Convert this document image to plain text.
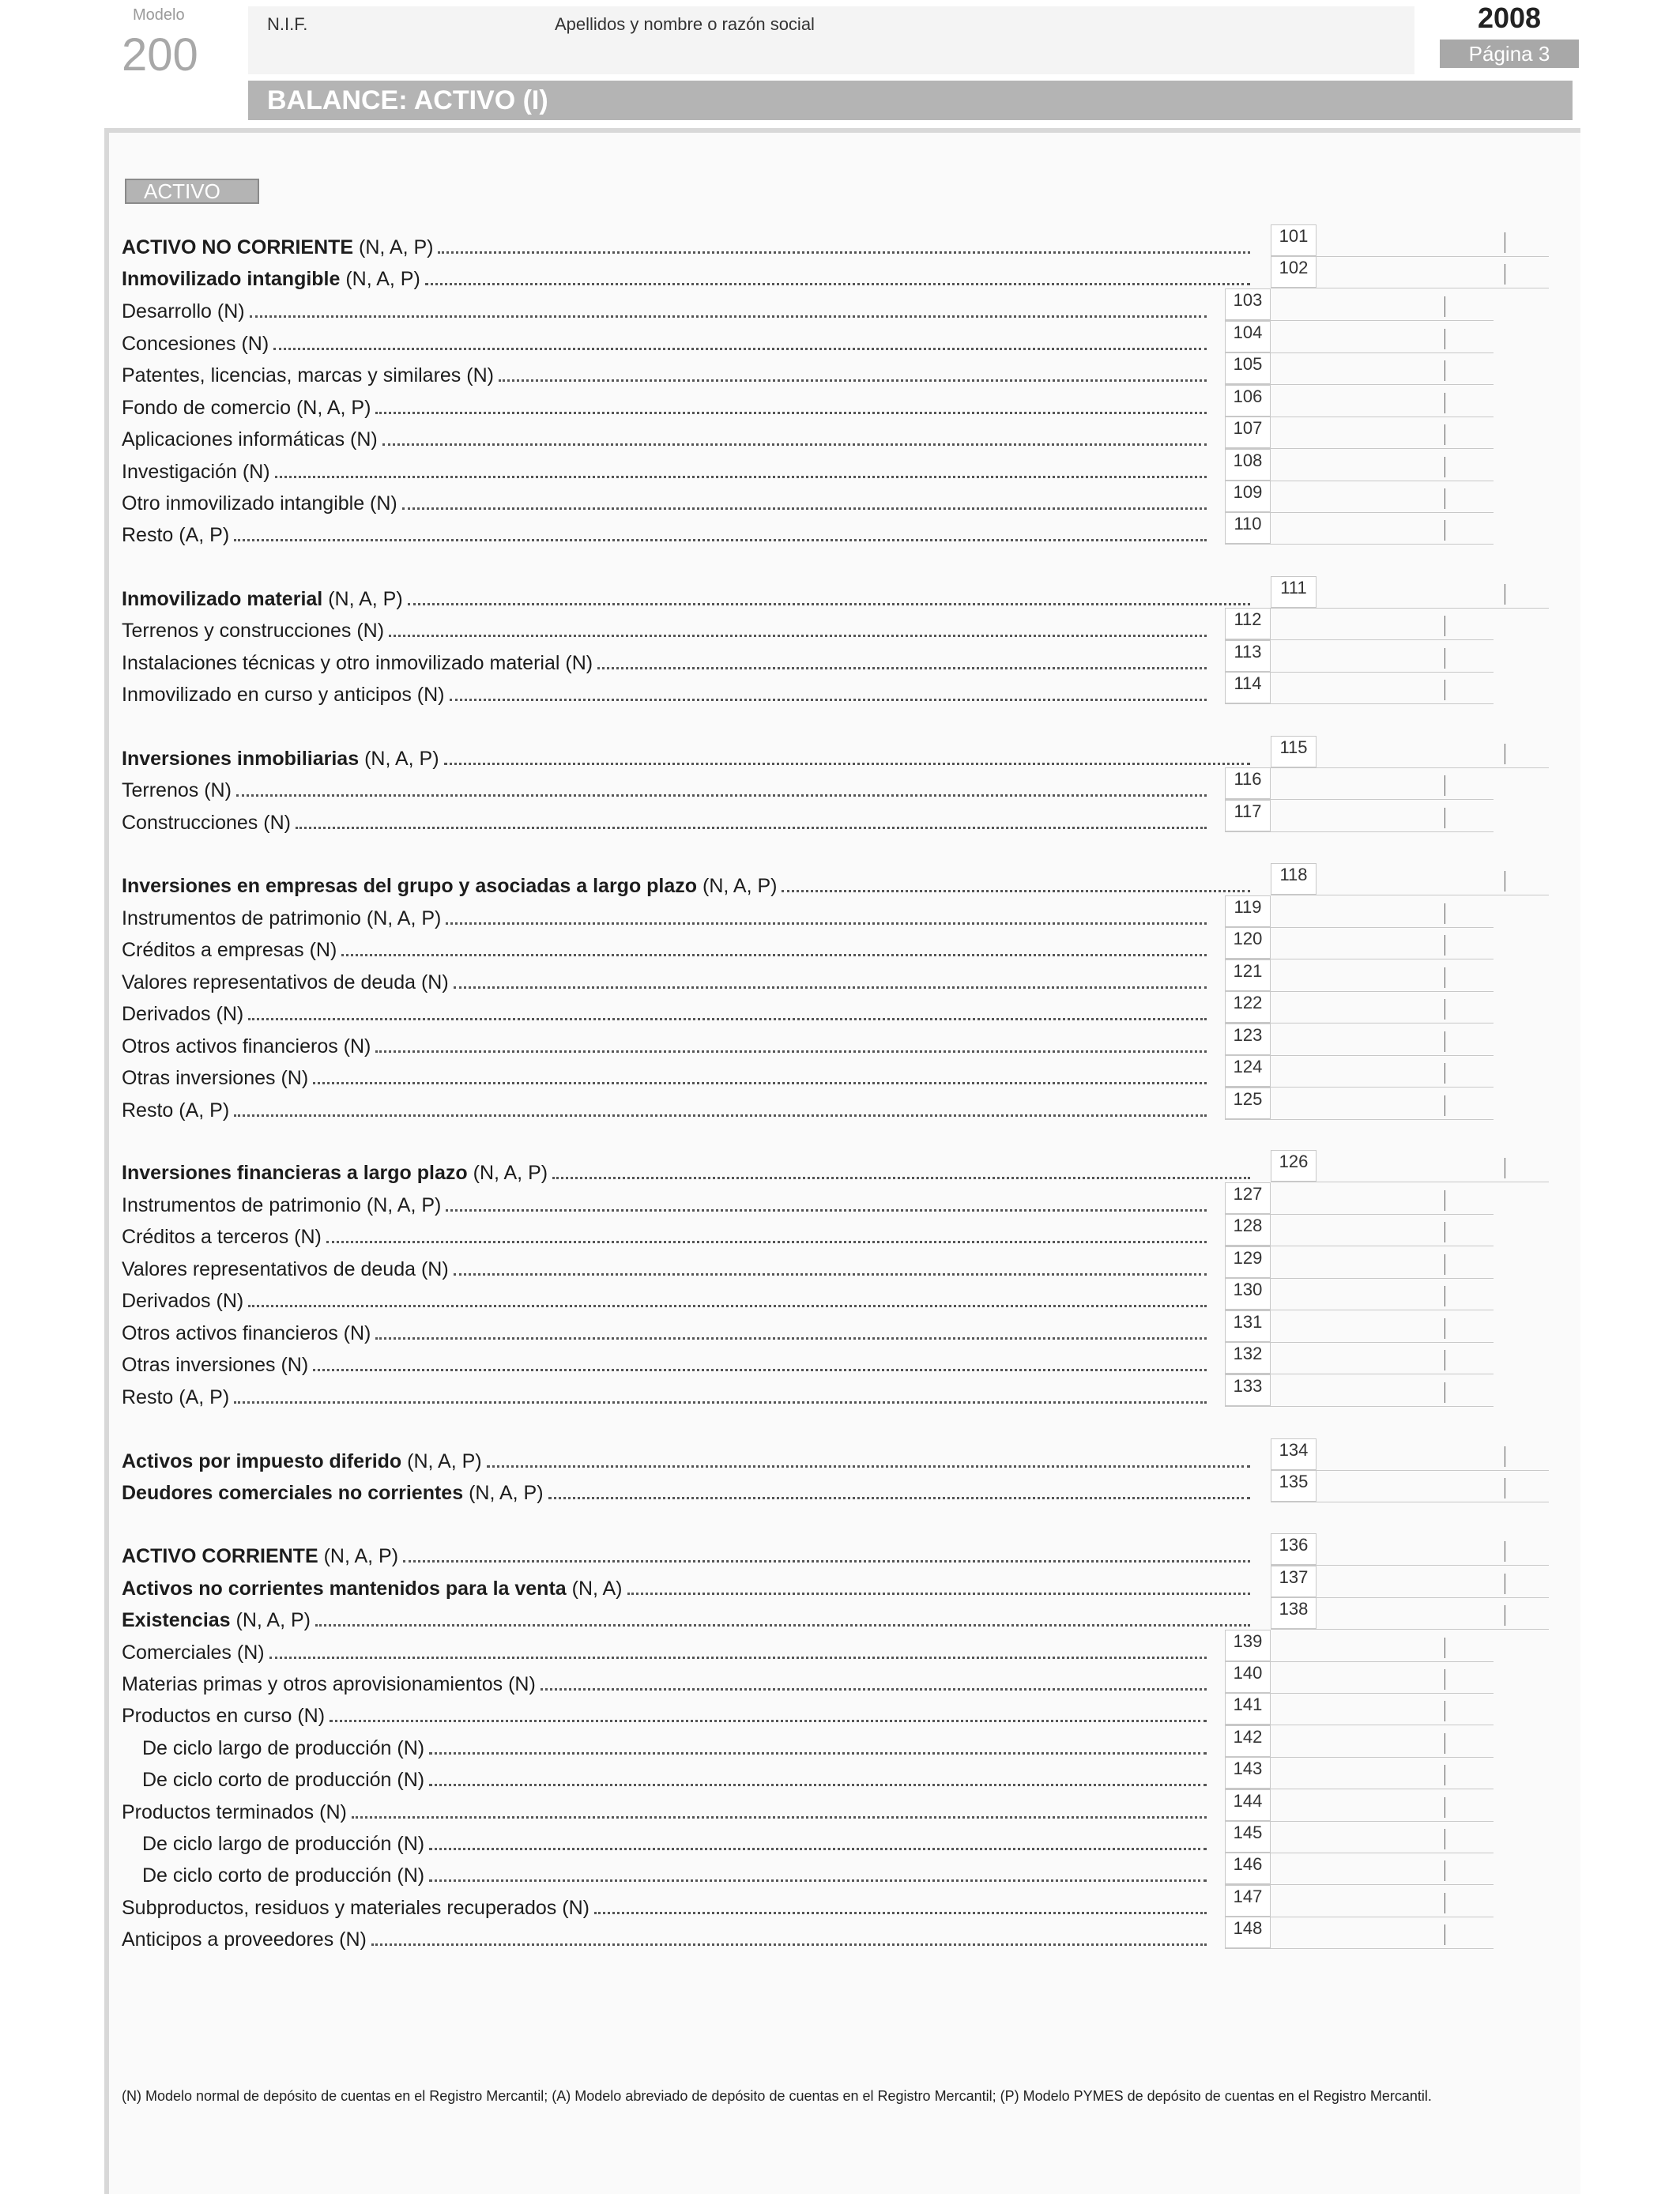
Modelo
200
N.I.F.	Apellidos y nombre o razón social	2008
Página 3
BALANCE: ACTIVO (I)
ACTIVO
ACTIVO NO CORRIENTE (N, A, P)
101
Inmovilizado intangible (N, A, P)
102
Desarrollo (N)
103
Concesiones (N)
104
Patentes, licencias, marcas y similares (N)
105
Fondo de comercio (N, A, P)
106
Aplicaciones informáticas (N)
107
Investigación (N)
108
Otro inmovilizado intangible (N)
109
Resto (A, P)
110
Inmovilizado material (N, A, P)
111
Terrenos y construcciones (N)
112
Instalaciones técnicas y otro inmovilizado material (N)
113
Inmovilizado en curso y anticipos (N)
114
Inversiones inmobiliarias (N, A, P)
115
Terrenos (N)
116
Construcciones (N)
117
Inversiones en empresas del grupo y asociadas a largo plazo (N, A, P)
118
Instrumentos de patrimonio (N, A, P)
119
Créditos a empresas (N)
120
Valores representativos de deuda (N)
121
Derivados (N)
122
Otros activos financieros (N)
123
Otras inversiones (N)
124
Resto (A, P)
125
Inversiones financieras a largo plazo (N, A, P)
126
Instrumentos de patrimonio (N, A, P)
127
Créditos a terceros (N)
128
Valores representativos de deuda (N)
129
Derivados (N)
130
Otros activos financieros (N)
131
Otras inversiones (N)
132
Resto (A, P)
133
Activos por impuesto diferido (N, A, P)
134
Deudores comerciales no corrientes (N, A, P)
135
ACTIVO CORRIENTE (N, A, P)
136
Activos no corrientes mantenidos para la venta (N, A)
137
Existencias (N, A, P)
138
Comerciales (N)
139
Materias primas y otros aprovisionamientos (N)
140
Productos en curso (N)
141
De ciclo largo de producción (N)
142
De ciclo corto de producción (N)
143
Productos terminados (N)
144
De ciclo largo de producción (N)
145
De ciclo corto de producción (N)
146
Subproductos, residuos y materiales recuperados (N)
147
Anticipos a proveedores (N)
148
(N) Modelo normal de depósito de cuentas en el Registro Mercantil; (A) Modelo abreviado de depósito de cuentas en el Registro Mercantil; (P) Modelo PYMES de depósito de cuentas en el Registro Mercantil.
